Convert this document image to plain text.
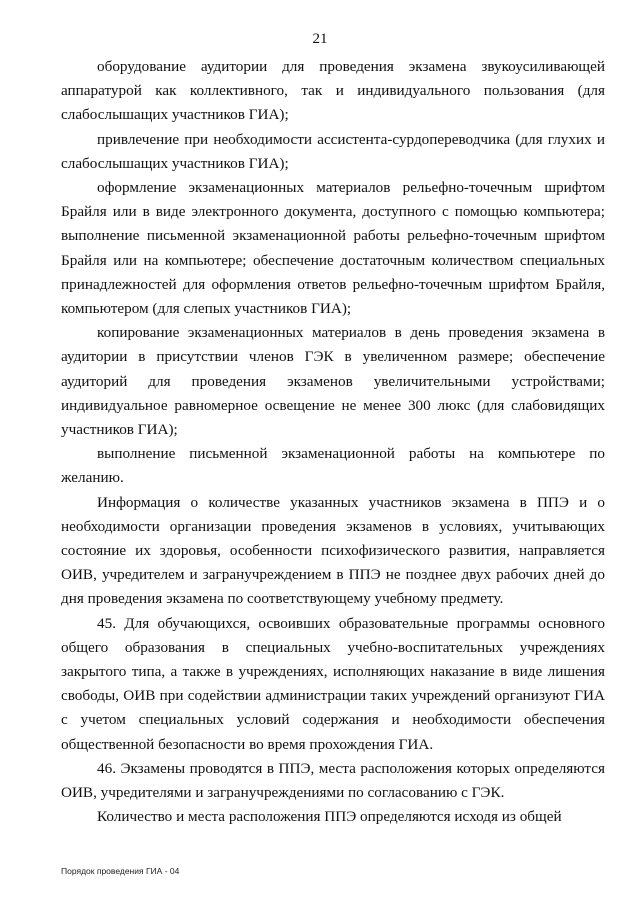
21

оборудование аудитории для проведения экзамена звукоусиливающей аппаратурой как коллективного, так и индивидуального пользования (для слабослышащих участников ГИА);

привлечение при необходимости ассистента-сурдопереводчика (для глухих и слабослышащих участников ГИА);

оформление экзаменационных материалов рельефно-точечным шрифтом Брайля или в виде электронного документа, доступного с помощью компьютера; выполнение письменной экзаменационной работы рельефно-точечным шрифтом Брайля или на компьютере; обеспечение достаточным количеством специальных принадлежностей для оформления ответов рельефно-точечным шрифтом Брайля, компьютером (для слепых участников ГИА);

копирование экзаменационных материалов в день проведения экзамена в аудитории в присутствии членов ГЭК в увеличенном размере; обеспечение аудиторий для проведения экзаменов увеличительными устройствами; индивидуальное равномерное освещение не менее 300 люкс (для слабовидящих участников ГИА);

выполнение письменной экзаменационной работы на компьютере по желанию.

Информация о количестве указанных участников экзамена в ППЭ и о необходимости организации проведения экзаменов в условиях, учитывающих состояние их здоровья, особенности психофизического развития, направляется ОИВ, учредителем и загранучреждением в ППЭ не позднее двух рабочих дней до дня проведения экзамена по соответствующему учебному предмету.

45. Для обучающихся, освоивших образовательные программы основного общего образования в специальных учебно-воспитательных учреждениях закрытого типа, а также в учреждениях, исполняющих наказание в виде лишения свободы, ОИВ при содействии администрации таких учреждений организуют ГИА с учетом специальных условий содержания и необходимости обеспечения общественной безопасности во время прохождения ГИА.

46. Экзамены проводятся в ППЭ, места расположения которых определяются ОИВ, учредителями и загранучреждениями по согласованию с ГЭК.

Количество и места расположения ППЭ определяются исходя из общей

Порядок проведения ГИА - 04
